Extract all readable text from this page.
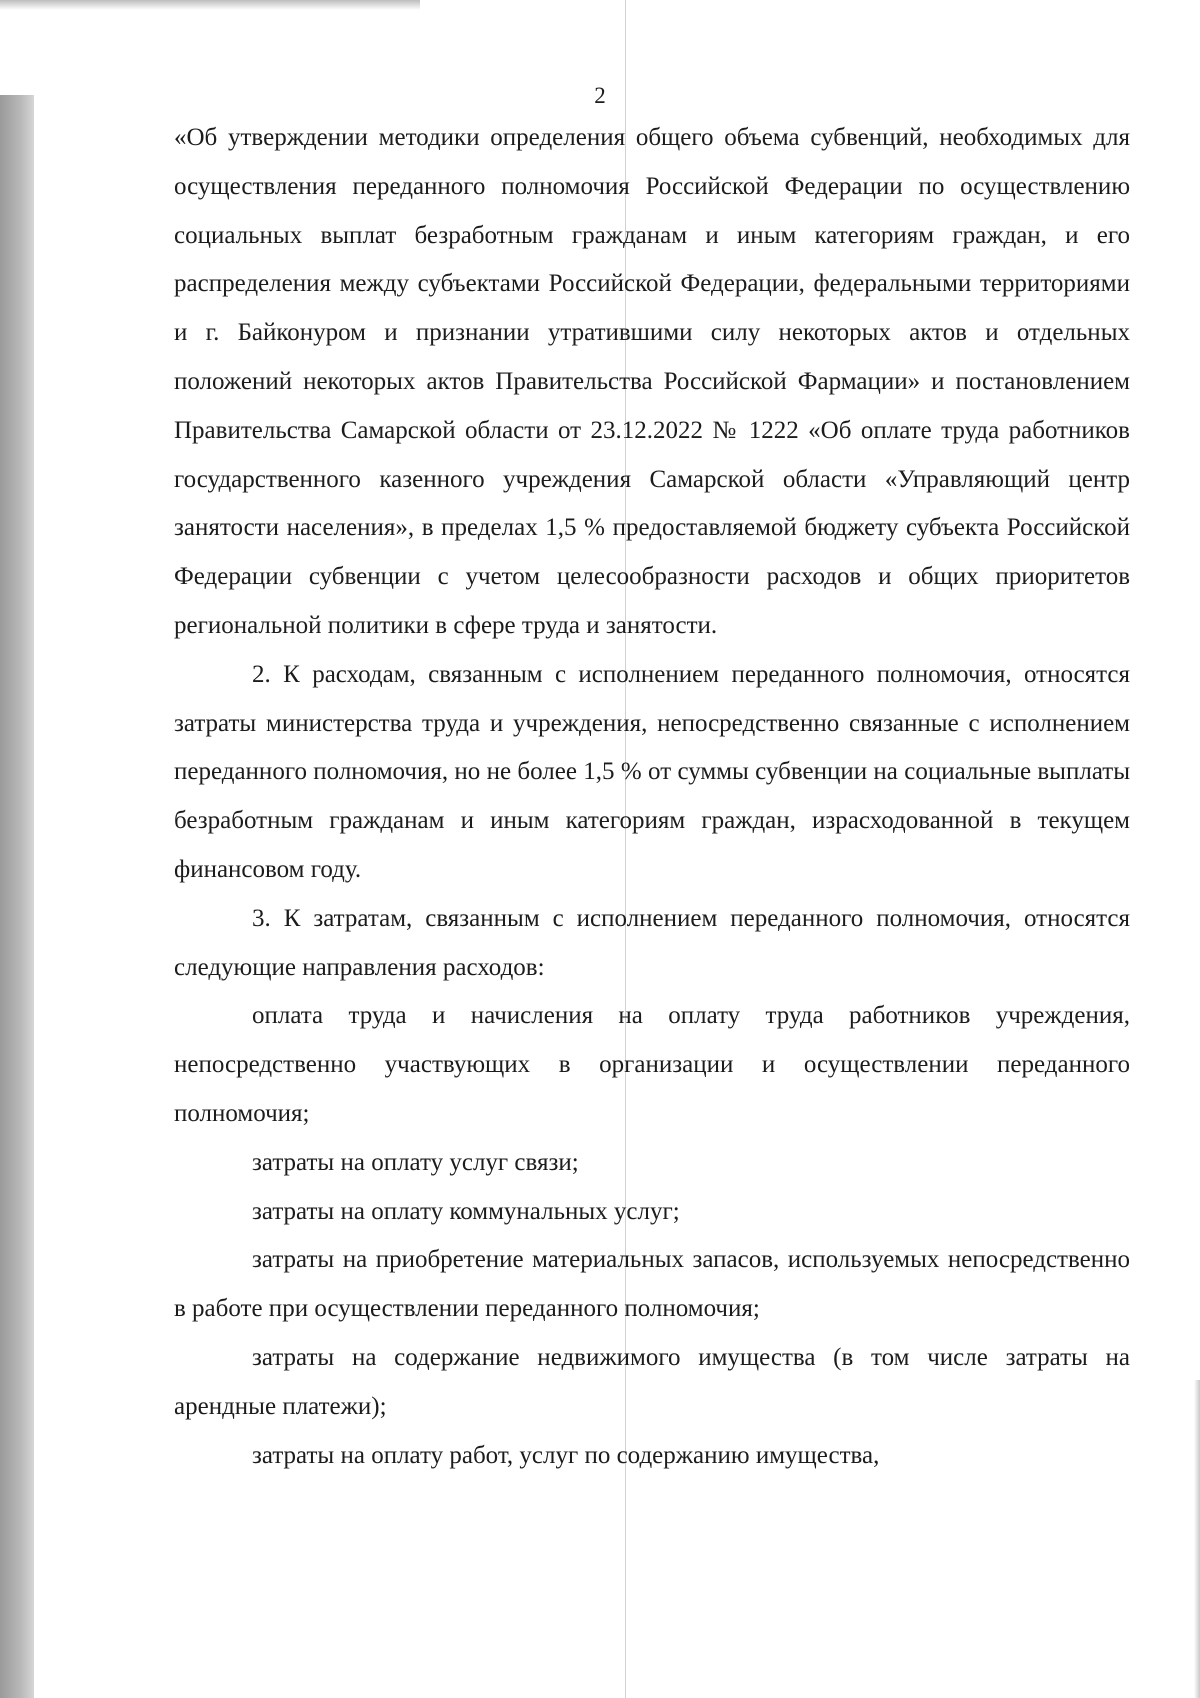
2

«Об утверждении методики определения общего объема субвенций, необходимых для осуществления переданного полномочия Российской Федерации по осуществлению социальных выплат безработным гражданам и иным категориям граждан, и его распределения между субъектами Российской Федерации, федеральными территориями и г. Байконуром и признании утратившими силу некоторых актов и отдельных положений некоторых актов Правительства Российской Фармации» и постановлением Правительства Самарской области от 23.12.2022 № 1222 «Об оплате труда работников государственного казенного учреждения Самарской области «Управляющий центр занятости населения», в пределах 1,5 % предоставляемой бюджету субъекта Российской Федерации субвенции с учетом целесообразности расходов и общих приоритетов региональной политики в сфере труда и занятости.

2. К расходам, связанным с исполнением переданного полномочия, относятся затраты министерства труда и учреждения, непосредственно связанные с исполнением переданного полномочия, но не более 1,5 % от суммы субвенции на социальные выплаты безработным гражданам и иным категориям граждан, израсходованной в текущем финансовом году.

3. К затратам, связанным с исполнением переданного полномочия, относятся следующие направления расходов:

оплата труда и начисления на оплату труда работников учреждения, непосредственно участвующих в организации и осуществлении переданного полномочия;

затраты на оплату услуг связи;

затраты на оплату коммунальных услуг;

затраты на приобретение материальных запасов, используемых непосредственно в работе при осуществлении переданного полномочия;

затраты на содержание недвижимого имущества (в том числе затраты на арендные платежи);

затраты на оплату работ, услуг по содержанию имущества,
